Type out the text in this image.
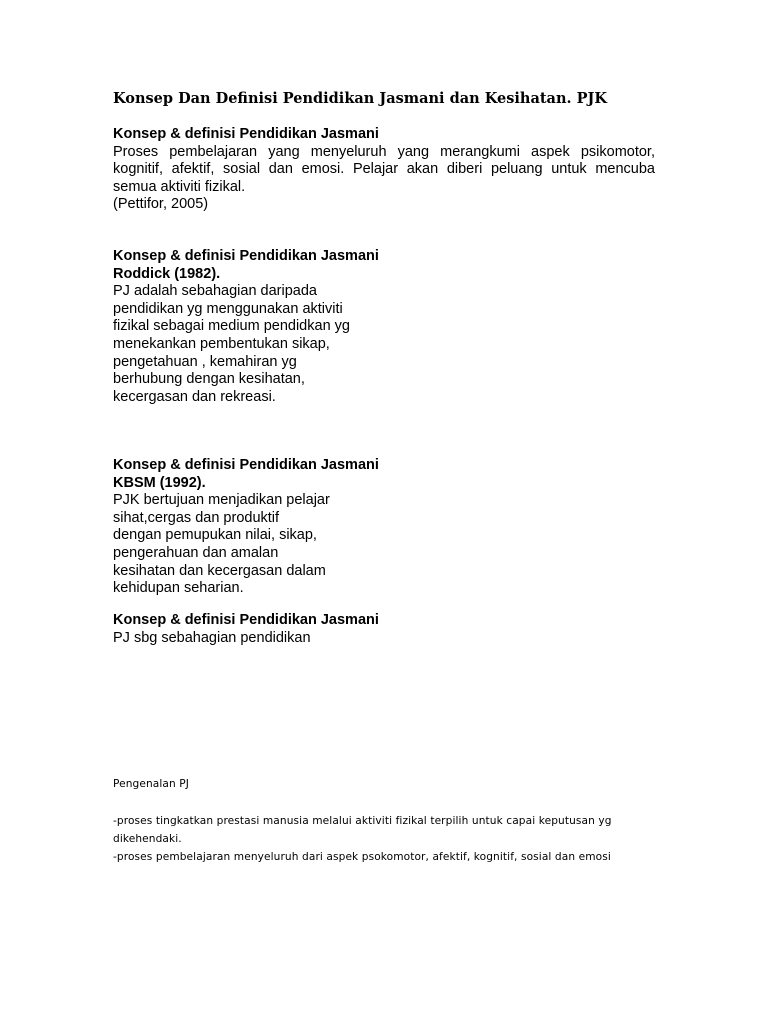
Konsep Dan Definisi Pendidikan Jasmani dan Kesihatan. PJK
Konsep & definisi Pendidikan Jasmani
Proses pembelajaran yang menyeluruh yang merangkumi aspek psikomotor,
kognitif, afektif, sosial dan emosi. Pelajar akan diberi peluang untuk mencuba
semua aktiviti fizikal.
(Pettifor, 2005)
Konsep & definisi Pendidikan Jasmani
Roddick (1982).
PJ adalah sebahagian daripada
pendidikan yg menggunakan aktiviti
fizikal sebagai medium pendidkan yg
menekankan pembentukan sikap,
pengetahuan , kemahiran yg
berhubung dengan kesihatan,
kecergasan dan rekreasi.
Konsep & definisi Pendidikan Jasmani
KBSM (1992).
PJK bertujuan menjadikan pelajar
sihat,cergas dan produktif
dengan pemupukan nilai, sikap,
pengerahuan dan amalan
kesihatan dan kecergasan dalam
kehidupan seharian.
Konsep & definisi Pendidikan Jasmani
PJ sbg sebahagian pendidikan
Pengenalan PJ
-proses tingkatkan prestasi manusia melalui aktiviti fizikal terpilih untuk capai keputusan yg
dikehendaki.
-proses pembelajaran menyeluruh dari aspek psokomotor, afektif, kognitif, sosial dan emosi
